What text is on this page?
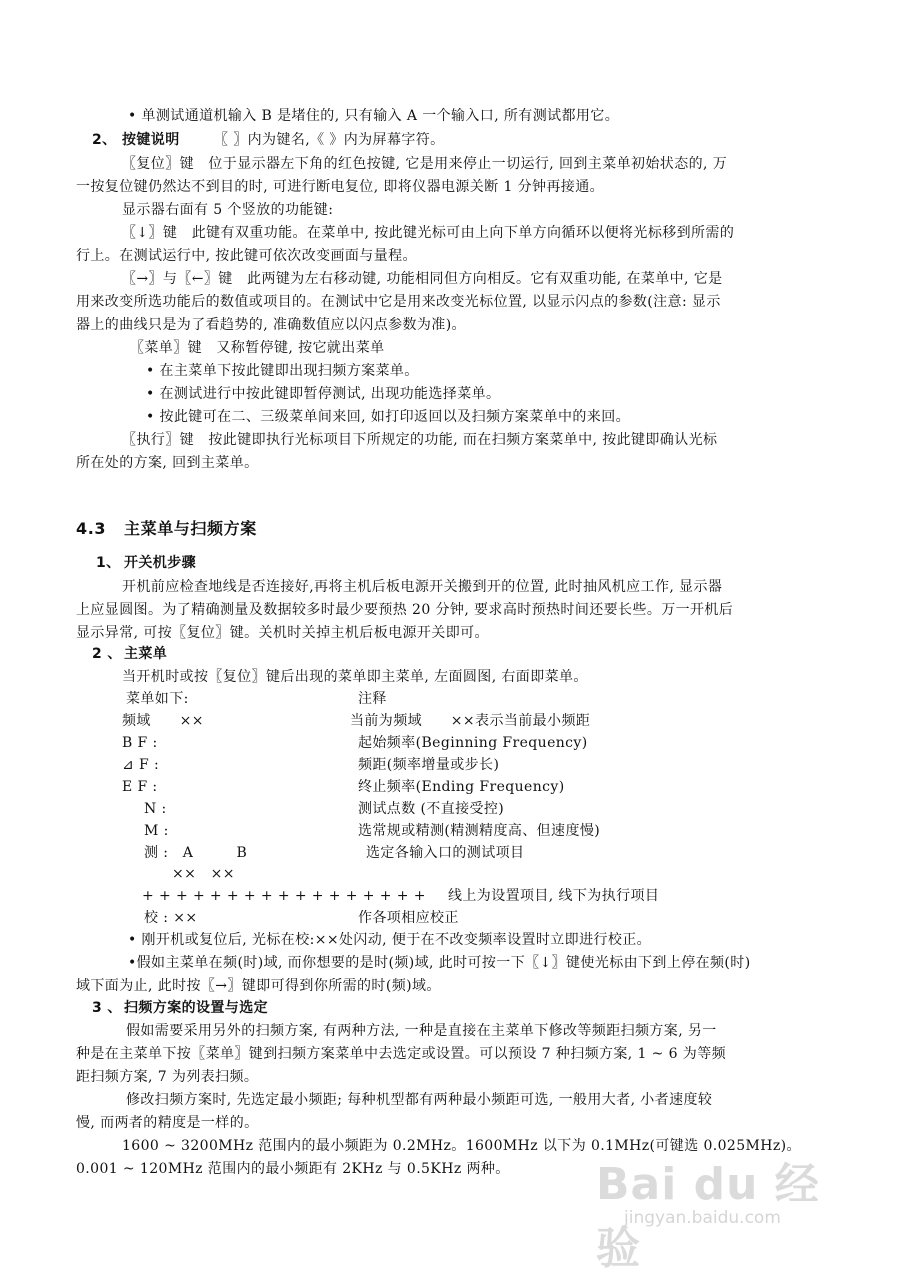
• 单测试通道机输入 B 是堵住的, 只有输入 A 一个输入口, 所有测试都用它。
2、 按键说明 〖 〗内为键名,《 》内为屏幕字符。
〖复位〗键　位于显示器左下角的红色按键, 它是用来停止一切运行, 回到主菜单初始状态的, 万
一按复位键仍然达不到目的时, 可进行断电复位, 即将仪器电源关断 1 分钟再接通。
显示器右面有 5 个竖放的功能键:
〖↓〗键　此键有双重功能。在菜单中, 按此键光标可由上向下单方向循环以便将光标移到所需的
行上。在测试运行中, 按此键可依次改变画面与量程。
〖→〗与〖←〗键　此两键为左右移动键, 功能相同但方向相反。它有双重功能, 在菜单中, 它是
用来改变所选功能后的数值或项目的。在测试中它是用来改变光标位置, 以显示闪点的参数(注意: 显示
器上的曲线只是为了看趋势的, 准确数值应以闪点参数为准)。
〖菜单〗键　又称暂停键, 按它就出菜单
• 在主菜单下按此键即出现扫频方案菜单。
• 在测试进行中按此键即暂停测试, 出现功能选择菜单。
• 按此键可在二、三级菜单间来回, 如打印返回以及扫频方案菜单中的来回。
〖执行〗键　按此键即执行光标项目下所规定的功能, 而在扫频方案菜单中, 按此键即确认光标
所在处的方案, 回到主菜单。
4.3 主菜单与扫频方案
1、 开关机步骤
开机前应检查地线是否连接好,再将主机后板电源开关搬到开的位置, 此时抽风机应工作, 显示器
上应显圆图。为了精确测量及数据较多时最少要预热 20 分钟, 要求高时预热时间还要长些。万一开机后
显示异常, 可按〖复位〗键。关机时关掉主机后板电源开关即可。
2 、 主菜单
当开机时或按〖复位〗键后出现的菜单即主菜单, 左面圆图, 右面即菜单。
菜单如下:	注释
频域　　××	当前为频域　　××表示当前最小频距
B F :	起始频率(Beginning Frequency)
⊿ F :	频距(频率增量或步长)
E F :	终止频率(Ending Frequency)
N :	测试点数 (不直接受控)
M :	选常规或精测(精测精度高、但速度慢)
测 :　A　　　B	选定各输入口的测试项目
××　××
+ + + + + + + + + + + + + + + + + 线上为设置项目, 线下为执行项目
校 : ××	作各项相应校正
• 刚开机或复位后, 光标在校:××处闪动, 便于在不改变频率设置时立即进行校正。
•假如主菜单在频(时)域, 而你想要的是时(频)域, 此时可按一下〖↓〗键使光标由下到上停在频(时)
域下面为止, 此时按〖→〗键即可得到你所需的时(频)域。
3 、 扫频方案的设置与选定
假如需要采用另外的扫频方案, 有两种方法, 一种是直接在主菜单下修改等频距扫频方案, 另一
种是在主菜单下按〖菜单〗键到扫频方案菜单中去选定或设置。可以预设 7 种扫频方案, 1 ~ 6 为等频
距扫频方案, 7 为列表扫频。
修改扫频方案时, 先选定最小频距; 每种机型都有两种最小频距可选, 一般用大者, 小者速度较
慢, 而两者的精度是一样的。
1600 ~ 3200MHz 范围内的最小频距为 0.2MHz。1600MHz 以下为 0.1MHz(可键选 0.025MHz)。
0.001 ~ 120MHz 范围内的最小频距有 2KHz 与 0.5KHz 两种。 Bai du 经验
jingyan.baidu.com
